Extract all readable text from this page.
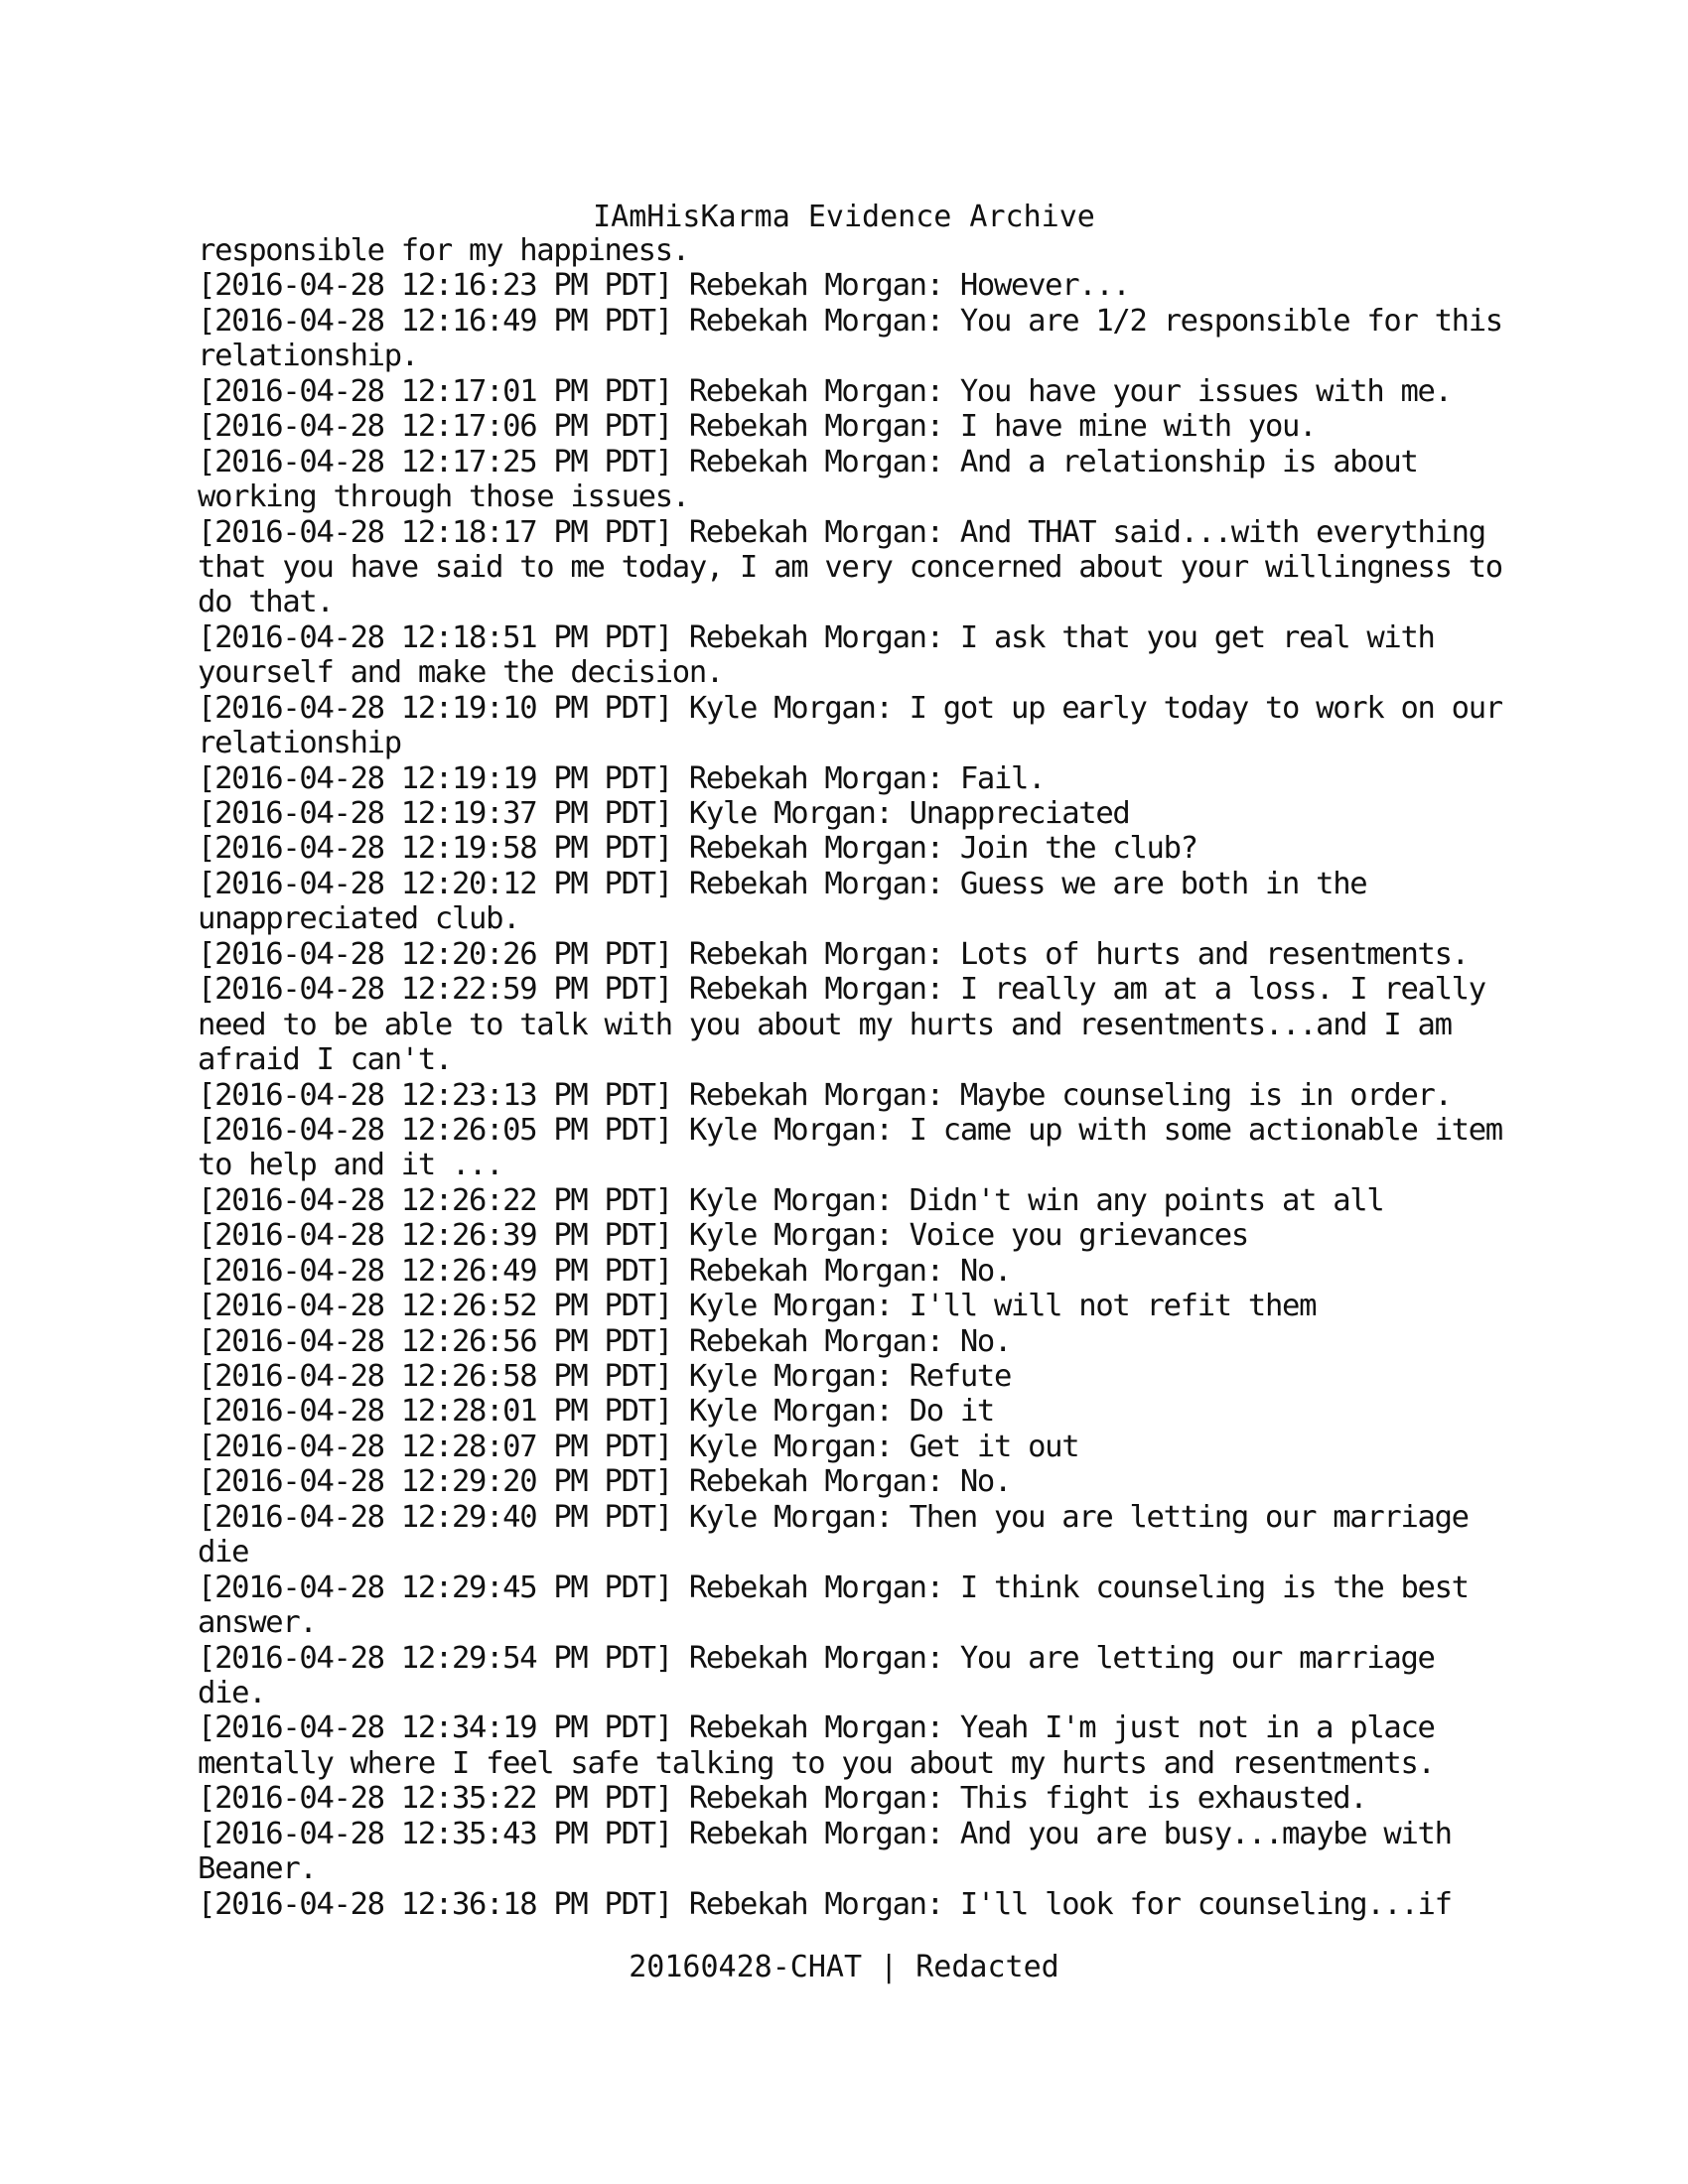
IAmHisKarma Evidence Archive
responsible for my happiness.
[2016-04-28 12:16:23 PM PDT] Rebekah Morgan: However...
[2016-04-28 12:16:49 PM PDT] Rebekah Morgan: You are 1/2 responsible for this
relationship.
[2016-04-28 12:17:01 PM PDT] Rebekah Morgan: You have your issues with me.
[2016-04-28 12:17:06 PM PDT] Rebekah Morgan: I have mine with you.
[2016-04-28 12:17:25 PM PDT] Rebekah Morgan: And a relationship is about
working through those issues.
[2016-04-28 12:18:17 PM PDT] Rebekah Morgan: And THAT said...with everything
that you have said to me today, I am very concerned about your willingness to
do that.
[2016-04-28 12:18:51 PM PDT] Rebekah Morgan: I ask that you get real with
yourself and make the decision.
[2016-04-28 12:19:10 PM PDT] Kyle Morgan: I got up early today to work on our
relationship
[2016-04-28 12:19:19 PM PDT] Rebekah Morgan: Fail.
[2016-04-28 12:19:37 PM PDT] Kyle Morgan: Unappreciated
[2016-04-28 12:19:58 PM PDT] Rebekah Morgan: Join the club?
[2016-04-28 12:20:12 PM PDT] Rebekah Morgan: Guess we are both in the
unappreciated club.
[2016-04-28 12:20:26 PM PDT] Rebekah Morgan: Lots of hurts and resentments.
[2016-04-28 12:22:59 PM PDT] Rebekah Morgan: I really am at a loss. I really
need to be able to talk with you about my hurts and resentments...and I am
afraid I can't.
[2016-04-28 12:23:13 PM PDT] Rebekah Morgan: Maybe counseling is in order.
[2016-04-28 12:26:05 PM PDT] Kyle Morgan: I came up with some actionable item
to help and it ...
[2016-04-28 12:26:22 PM PDT] Kyle Morgan: Didn't win any points at all
[2016-04-28 12:26:39 PM PDT] Kyle Morgan: Voice you grievances
[2016-04-28 12:26:49 PM PDT] Rebekah Morgan: No.
[2016-04-28 12:26:52 PM PDT] Kyle Morgan: I'll will not refit them
[2016-04-28 12:26:56 PM PDT] Rebekah Morgan: No.
[2016-04-28 12:26:58 PM PDT] Kyle Morgan: Refute
[2016-04-28 12:28:01 PM PDT] Kyle Morgan: Do it
[2016-04-28 12:28:07 PM PDT] Kyle Morgan: Get it out
[2016-04-28 12:29:20 PM PDT] Rebekah Morgan: No.
[2016-04-28 12:29:40 PM PDT] Kyle Morgan: Then you are letting our marriage
die
[2016-04-28 12:29:45 PM PDT] Rebekah Morgan: I think counseling is the best
answer.
[2016-04-28 12:29:54 PM PDT] Rebekah Morgan: You are letting our marriage
die.
[2016-04-28 12:34:19 PM PDT] Rebekah Morgan: Yeah I'm just not in a place
mentally where I feel safe talking to you about my hurts and resentments.
[2016-04-28 12:35:22 PM PDT] Rebekah Morgan: This fight is exhausted.
[2016-04-28 12:35:43 PM PDT] Rebekah Morgan: And you are busy...maybe with
Beaner.
[2016-04-28 12:36:18 PM PDT] Rebekah Morgan: I'll look for counseling...if
20160428-CHAT | Redacted
